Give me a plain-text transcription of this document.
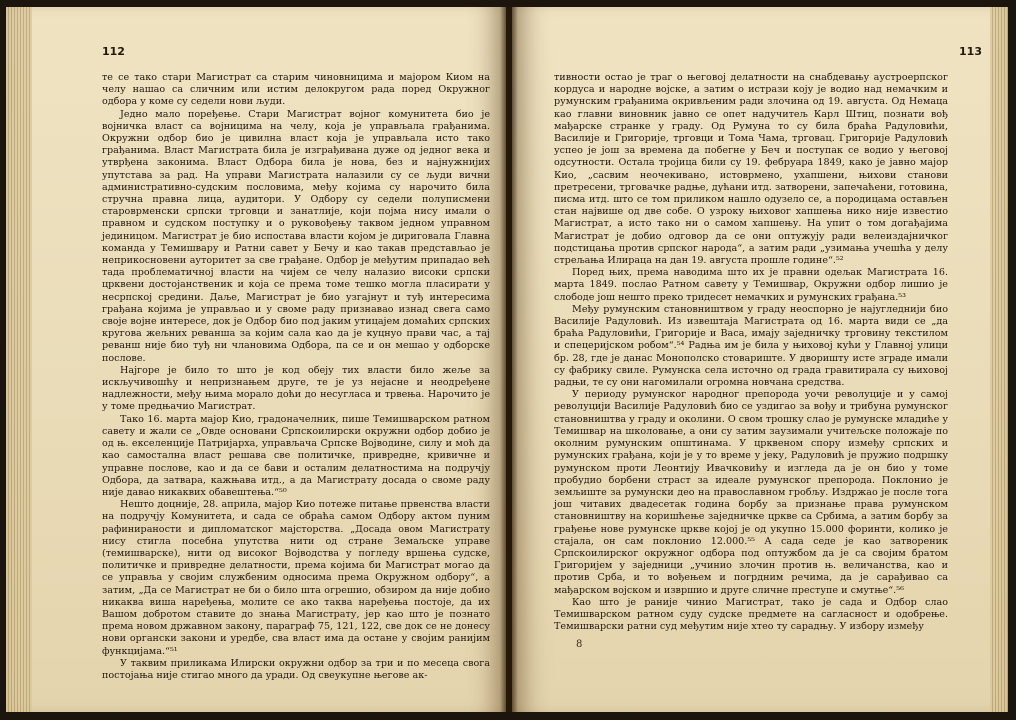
112

те се тако стари Магистрат са старим чиновницима и мајором Киом на челу нашао са сличним или истим делокругом рада поред Окружног одбора у коме су седели нови људи.

Једно мало поређење. Стари Магистрат војног комунитета био је војничка власт са војницима на челу, која је управљала грађанима. Окружни одбор био је цивилна власт која је управљала исто тако грађанима. Власт Магистрата била је изграђивана дуже од једног века и утврђена законима. Власт Одбора била је нова, без и најнужнијих упутстава за рад. На управи Магистрата налазили су се људи вични административно-судским пословима, међу којима су нарочито била стручна правна лица, аудитори. У Одбору су седели полуписмени староврменски српски трговци и занатлије, који појма нису имали о правном и судском поступку и о руковођењу таквом једном управном јединицом. Магистрат је био испоставa власти којом је дириговала Главна команда у Темишвару и Ратни савет у Бечу и као такав представљао је неприкосновени ауторитет за све грађане. Одбор је међутим припадао већ тада проблематичној власти на чијем се челу налазио високи српски црквени достојанственик и која се према томе тешко могла пласирати у несрпској средини. Даље, Магистрат је био узгајнут и туђ интересима грађана којима је управљао и у своме раду признавао изнад свега само своје војне интересе, док је Одбор био под јаким утицајем домаћих српских кругова жељних реванша за којим сала као да је куцнуо прави час, а тај реванш није био туђ ни члановима Одбора, па се и он мешао у одборске послове.

Најгоре је било то што је код обеју тих власти било жеље за искључивошћу и непризнањем друге, те је уз нејасне и неодређене надлежности, међу њима морало доћи до несугласа и трвења. Нарочито је у томе предњачио Магистрат.

Тако 16. марта мајор Кио, градоначелник, пише Темишварском ратном савету и жали се „Овде основани Српскоилирски окружни одбор добио је од њ. екселенције Патријарха, управљача Српске Војводине, силу и моћ да као самостална власт решава све политичке, привредне, кривичне и управне послове, као и да се бави и осталим делатностима на подручју Одбора, да затвара, кажњава итд., а да Магистрату досада о своме раду није давао никаквих обавештења.“⁵⁰

Нешто доцније, 28. априла, мајор Кио потеже питање првенства власти на подручју Комунитета, и сада се обраћа самом Одбору актом пуним рафинираности и дипломатског мајсторства. „Досада овом Магистрату нису стигла посебна упутства нити од стране Земаљске управе (темишварске), нити од високог Војводства у погледу вршења судске, политичке и привредне делатности, према којима би Магистрат могао да се управља у својим службеним односима према Окружном одбору“, а затим, „Да се Магистрат не би о било шта огрешио, обзиром да није добио никаква виша наређења, молите се ако таква наређења постоје, да их Вашом добротом ставите до знања Магистрату, јер као што је познато према новом државном закону, параграф 75, 121, 122, све док се не донесу нови органски закони и уредбе, сва власт има да остане у својим ранијим функцијама.“⁵¹

У таквим приликама Илирски окружни одбор за три и по месеца свога постојања није стигао много да уради. Од свеукупне његове ак-

113

тивности остао је траг о његовој делатности на снабдевању аустроерпског кордуса и народне војске, а затим о истрази коју је водио над немачким и румунским грађанима окривљеним ради злочина од 19. августа. Од Немаца као главни виновник јавно се опет надучитељ Карл Штиц, познати вођ мађарске странке у граду. Од Румуна то су била браћа Радуловићи, Василије и Григорије, трговци и Тома Чама, трговац. Григорије Радуловић успео је још за времена да побегне у Беч и поступак се водио у његовој одсутности. Остала тројица били су 19. фебруара 1849, како је јавно мајор Кио, „сасвим неочекивано, истоврмено, ухапшени, њихови станови претресени, трговачке радње, дућани итд. затворени, запечаћени, готовина, писма итд. што се том приликом нашло одузело се, а породицама остављен стан највише од две собе. О узроку њиховог хапшења нико није известио Магистрат, а исто тако ни о самом хапшењу. На упит о том догађајима Магистрат је добио одговор да се они оптужују ради велеиздајничког подстицања против српског народа“, а затим ради „узимања учешћа у делу стрељања Илираца на дан 19. августа прошле године“.⁵²

Поред њих, према наводима што их је правни одељак Магистрата 16. марта 1849. послао Ратном савету у Темишвар, Окружни одбор лишио је слободе још нешто преко тридесет немачких и румунских грађана.⁵³

Међу румунским становништвом у граду неоспорно је најугледнији био Василије Радуловић. Из извештаја Магистрата од 16. марта види се „да браћа Радуловићи, Григорије и Васа, имају заједничку трговину текстилом и спецеријском робом“.⁵⁴ Радња им је била у њиховој кући у Главној улици бр. 28, где је данас Монополско стовариште. У дворишту исте зграде имали су фабрику свиле. Румунска села источно од града гравитирала су њиховој радњи, те су они нагомилали огромна новчана средства.

У периоду румунског народног препорода уочи револуције и у самој револуцији Василије Радуловић био се уздигао за вођу и трибуна румунског становништва у граду и околини. О свом трошку слао је румунске младиће у Темишвар на школовање, а они су затим заузимали учитељске положаје по околним румунским општинама. У црквеном спору између српских и румунских грађана, који је у то време у јеку, Радуловић је пружио подршку румунском проти Леонтију Ивачковићу и изгледа да је он био у томе пробудио борбени страст за идеале румунског препорода. Поклонио је земљиште за румунски део на православном гробљу. Издржао је после тога још читавих двадесетак година борбу за признање права румунском становништву на коришћење заједничке цркве са Србима, а затим борбу за грађење нове румунске цркве којој је од укупно 15.000 форинти, колико је стајала, он сам поклонио 12.000.⁵⁵ А сада седе је као затвореник Српскоилирског окружног одбора под оптужбом да је са својим братом Григоријем у заједници „учинио злочин против њ. величанства, као и против Срба, и то вођењем и погрдним речима, да је сарађивао са мађарском војском и извршио и друге сличне преступе и смутње“.⁵⁶

Као што је раније чинио Магистрат, тако је сада и Одбор слао Темишварском ратном суду судске предмете на сагласност и одобрење. Темишварски ратни суд међутим није хтео ту сарадњу. У избору између

8
